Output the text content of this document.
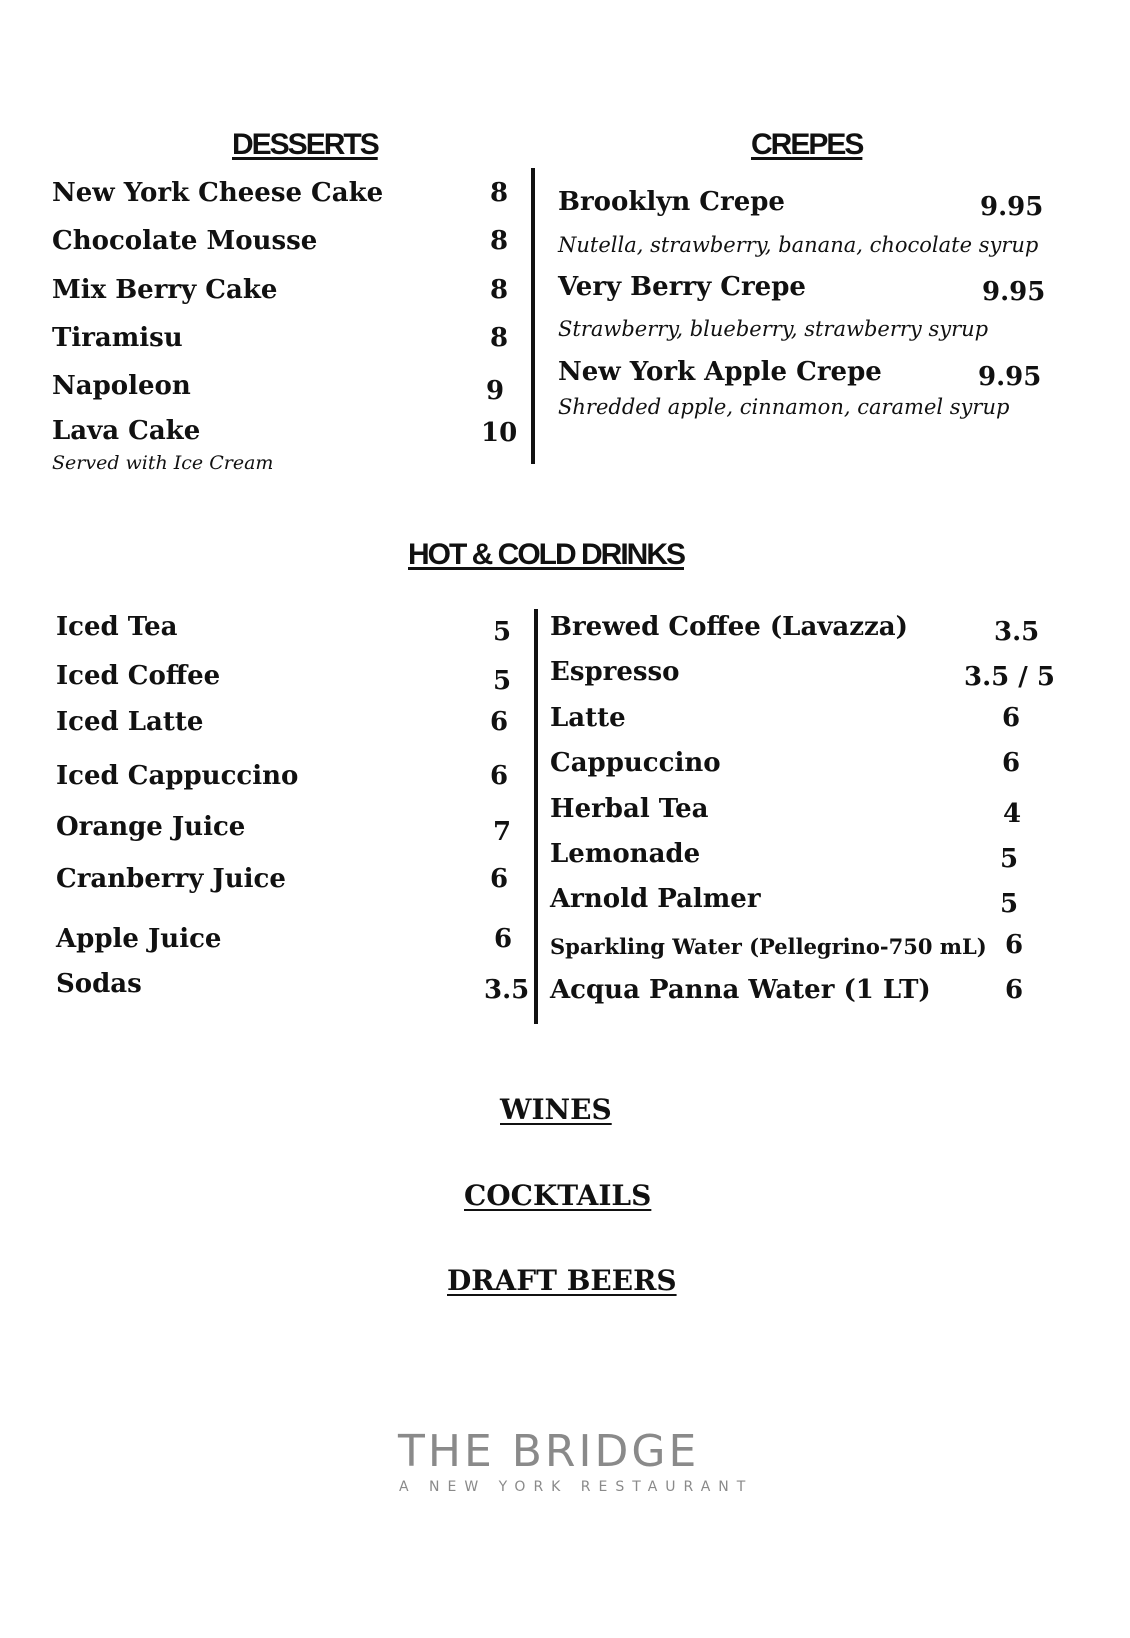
DESSERTS
New York Cheese Cake	8
Chocolate Mousse	8
Mix Berry Cake	8
Tiramisu	8
Napoleon	9
Lava Cake	10
Served with Ice Cream
CREPES
Brooklyn Crepe	9.95
Nutella, strawberry, banana, chocolate syrup
Very Berry Crepe	9.95
Strawberry, blueberry, strawberry syrup
New York Apple Crepe	9.95
Shredded apple, cinnamon, caramel syrup
HOT & COLD DRINKS
Iced Tea	5
Iced Coffee	5
Iced Latte	6
Iced Cappuccino	6
Orange Juice	7
Cranberry Juice	6
Apple Juice	6
Sodas	3.5
Brewed Coffee (Lavazza)	3.5
Espresso	3.5 / 5
Latte	6
Cappuccino	6
Herbal Tea	4
Lemonade	5
Arnold Palmer	5
Sparkling Water (Pellegrino-750 mL) 6
Acqua Panna Water (1 LT)	6
WINES
COCKTAILS
DRAFT BEERS
THE BRIDGE
A NEW YORK RESTAURANT
